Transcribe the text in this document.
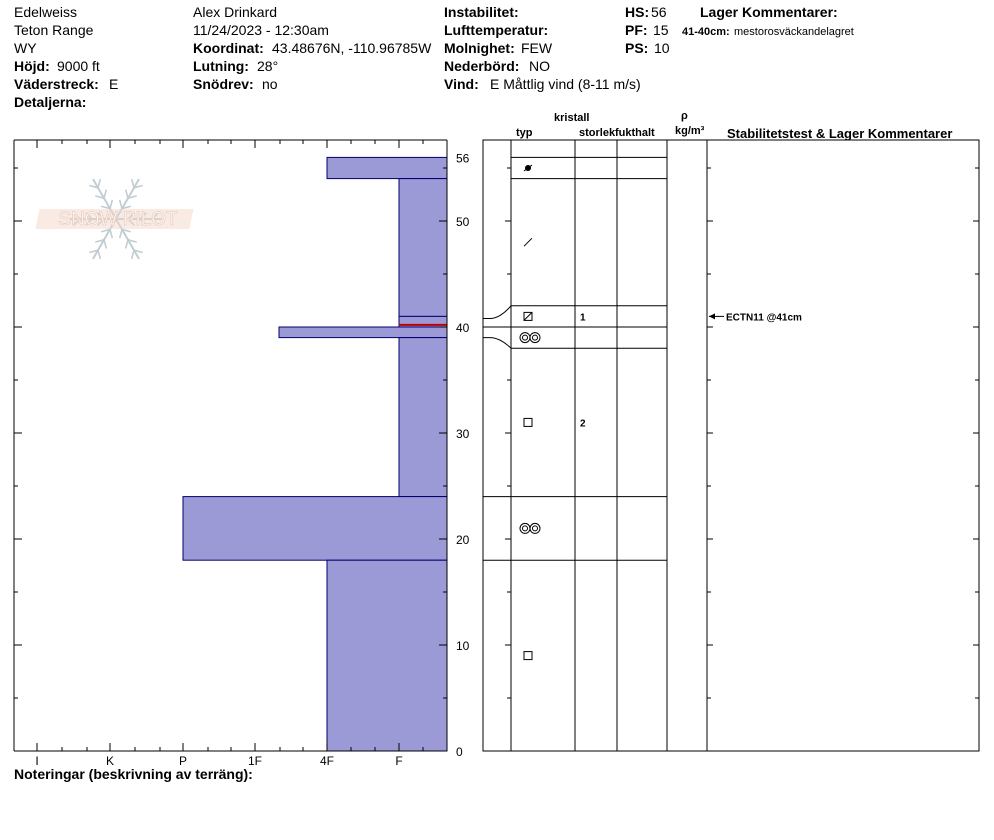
Edelweiss
Teton Range
WY
Höjd: 9000 ft
Väderstreck: E
Detaljerna:
Alex Drinkard
11/24/2023 - 12:30am
Koordinat: 43.48676N, -110.96785W
Lutning: 28°
Snödrev: no
Instabilitet:
Lufttemperatur:
Molnighet: FEW
Nederbörd: NO
Vind: E Måttlig vind (8-11 m/s)
HS: 56
PF: 15
PS: 10
Lager Kommentarer:
41-40cm: mestorosväckandelagret
kristall
typ	storlek fukthalt
ρ
kg/m³ Stabilitetstest & Lager Kommentarer
Noteringar (beskrivning av terräng):
SNOW PILOT
0
10
20
30
40
50
56
I	K	P	1F	4F	F
1
2
ECTN11 @41cm
